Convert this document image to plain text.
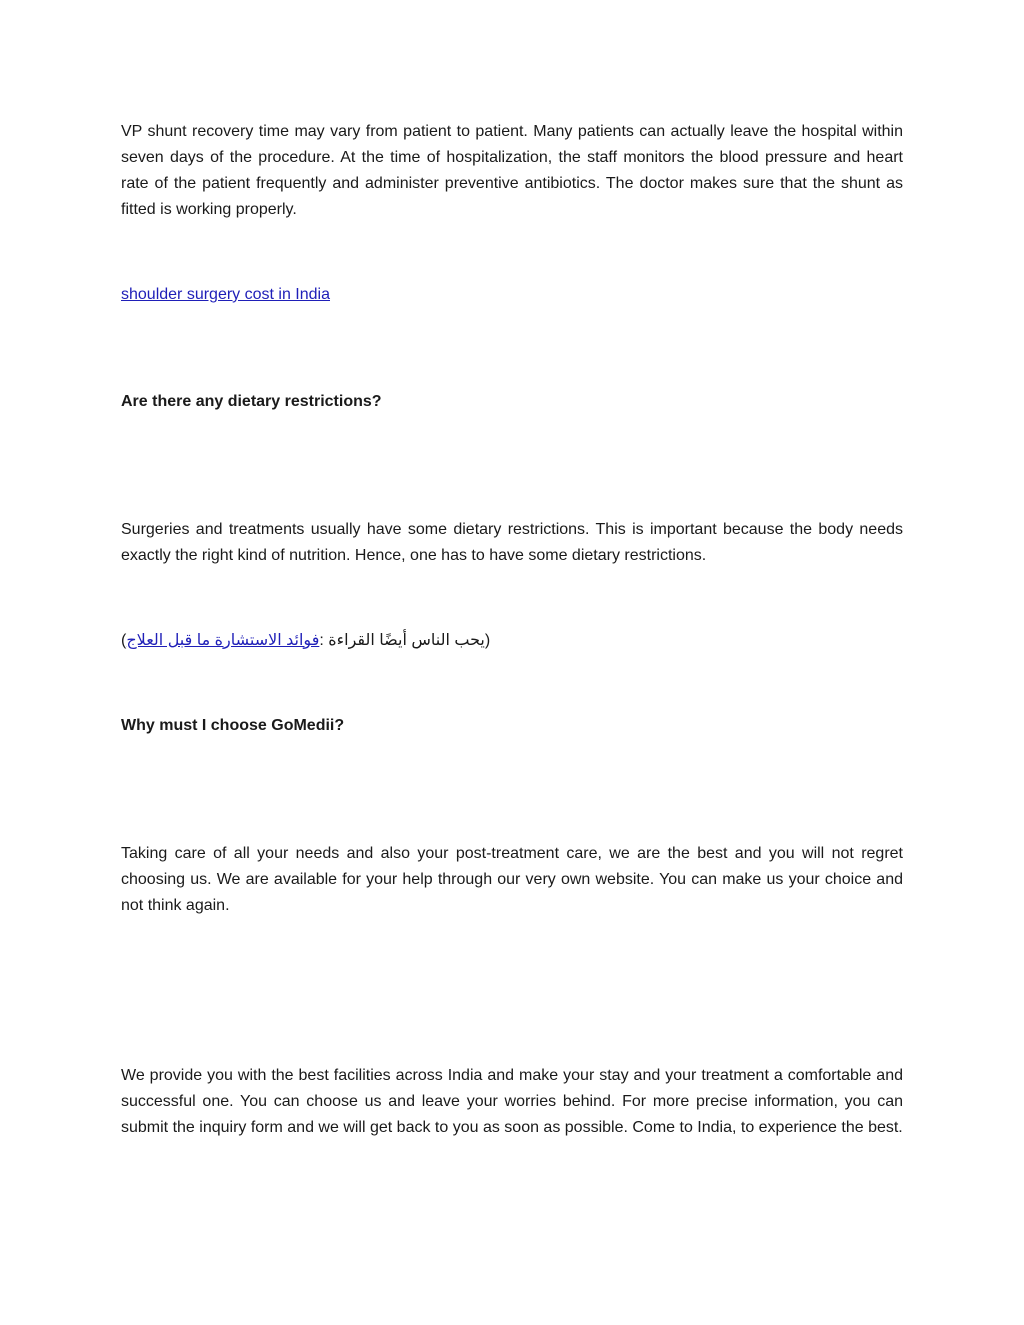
VP shunt recovery time may vary from patient to patient. Many patients can actually leave the hospital within seven days of the procedure. At the time of hospitalization, the staff monitors the blood pressure and heart rate of the patient frequently and administer preventive antibiotics. The doctor makes sure that the shunt as fitted is working properly.

shoulder surgery cost in India

Are there any dietary restrictions?

Surgeries and treatments usually have some dietary restrictions. This is important because the body needs exactly the right kind of nutrition. Hence, one has to have some dietary restrictions.

(يحب الناس أيضًا القراءة :فوائد الاستشارة ما قبل العلاج)

Why must I choose GoMedii?

Taking care of all your needs and also your post-treatment care, we are the best and you will not regret choosing us. We are available for your help through our very own website. You can make us your choice and not think again.

We provide you with the best facilities across India and make your stay and your treatment a comfortable and successful one. You can choose us and leave your worries behind. For more precise information, you can submit the inquiry form and we will get back to you as soon as possible. Come to India, to experience the best.
